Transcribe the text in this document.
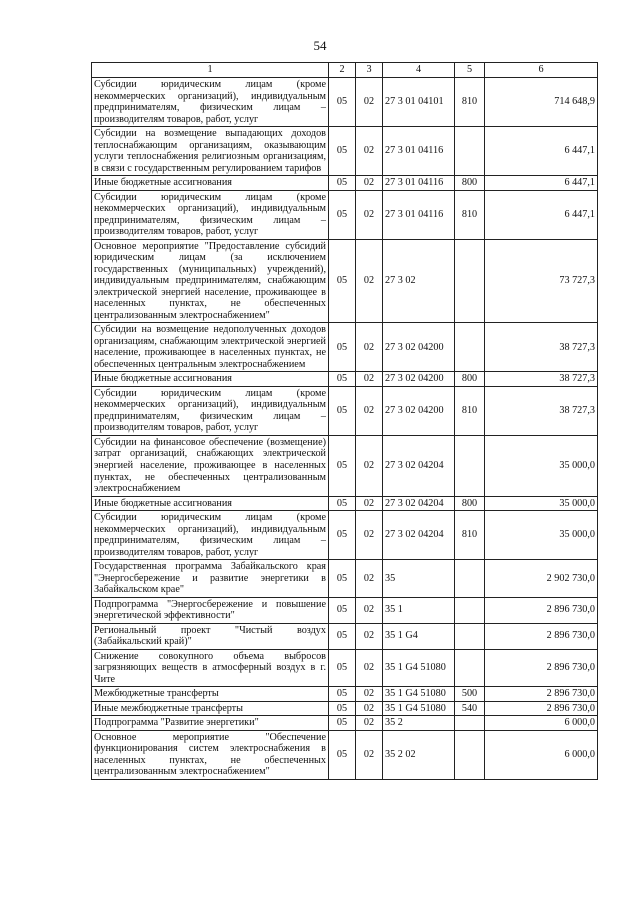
54
1	2	3	4	5	6
Субсидии юридическим лицам (кроме некоммерческих организаций), индивидуальным предпринимателям, физическим лицам – производителям товаров, работ, услуг	05	02	27 3 01 04101	810	714 648,9
Субсидии на возмещение выпадающих доходов теплоснабжающим организациям, оказывающим услуги теплоснабжения религиозным организациям, в связи с государственным регулированием тарифов	05	02	27 3 01 04116		6 447,1
Иные бюджетные ассигнования	05	02	27 3 01 04116	800	6 447,1
Субсидии юридическим лицам (кроме некоммерческих организаций), индивидуальным предпринимателям, физическим лицам – производителям товаров, работ, услуг	05	02	27 3 01 04116	810	6 447,1
Основное мероприятие "Предоставление субсидий юридическим лицам (за исключением государственных (муниципальных) учреждений), индивидуальным предпринимателям, снабжающим электрической энергией население, проживающее в населенных пунктах, не обеспеченных централизованным электроснабжением"	05	02	27 3 02		73 727,3
Субсидии на возмещение недополученных доходов организациям, снабжающим электрической энергией население, проживающее в населенных пунктах, не обеспеченных центральным электроснабжением	05	02	27 3 02 04200		38 727,3
Иные бюджетные ассигнования	05	02	27 3 02 04200	800	38 727,3
Субсидии юридическим лицам (кроме некоммерческих организаций), индивидуальным предпринимателям, физическим лицам – производителям товаров, работ, услуг	05	02	27 3 02 04200	810	38 727,3
Субсидии на финансовое обеспечение (возмещение) затрат организаций, снабжающих электрической энергией население, проживающее в населенных пунктах, не обеспеченных централизованным электроснабжением	05	02	27 3 02 04204		35 000,0
Иные бюджетные ассигнования	05	02	27 3 02 04204	800	35 000,0
Субсидии юридическим лицам (кроме некоммерческих организаций), индивидуальным предпринимателям, физическим лицам – производителям товаров, работ, услуг	05	02	27 3 02 04204	810	35 000,0
Государственная программа Забайкальского края "Энергосбережение и развитие энергетики в Забайкальском крае"	05	02	35		2 902 730,0
Подпрограмма "Энергосбережение и повышение энергетической эффективности"	05	02	35 1		2 896 730,0
Региональный проект "Чистый воздух (Забайкальский край)"	05	02	35 1 G4		2 896 730,0
Снижение совокупного объема выбросов загрязняющих веществ в атмосферный воздух в г. Чите	05	02	35 1 G4 51080		2 896 730,0
Межбюджетные трансферты	05	02	35 1 G4 51080	500	2 896 730,0
Иные межбюджетные трансферты	05	02	35 1 G4 51080	540	2 896 730,0
Подпрограмма "Развитие энергетики"	05	02	35 2		6 000,0
Основное мероприятие "Обеспечение функционирования систем электроснабжения в населенных пунктах, не обеспеченных централизованным электроснабжением"	05	02	35 2 02		6 000,0
